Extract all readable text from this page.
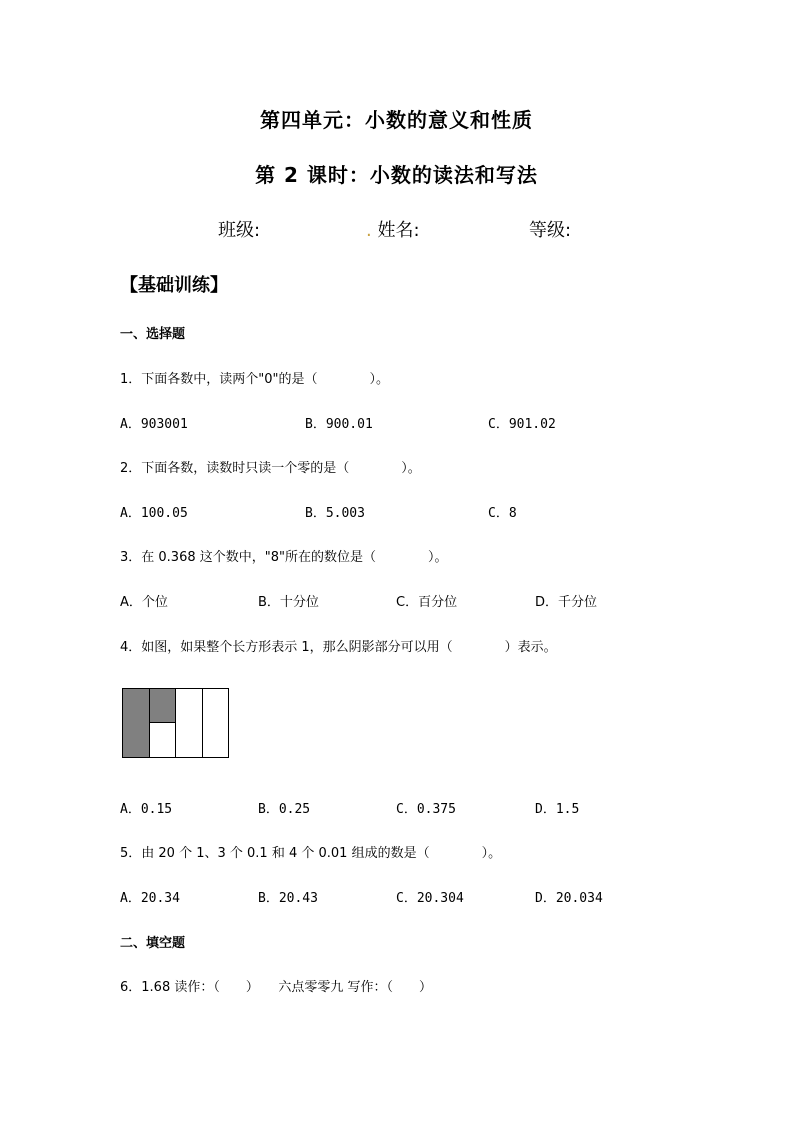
第四单元：小数的意义和性质
第 2 课时：小数的读法和写法
班级:	. 姓名:	等级:
【基础训练】
一、选择题
1．下面各数中，读两个"0"的是（　　　　）。
A．903001	B．900.01	C．901.02
2．下面各数，读数时只读一个零的是（　　　　）。
A．100.05	B．5.003	C．8
3．在 0.368 这个数中，"8"所在的数位是（　　　　）。
A．个位	B．十分位	C．百分位	D．千分位
4．如图，如果整个长方形表示 1，那么阴影部分可以用（　　　　）表示。
A．0.15	B．0.25	C．0.375	D．1.5
5．由 20 个 1、3 个 0.1 和 4 个 0.01 组成的数是（　　　　）。
A．20.34	B．20.43	C．20.304	D．20.034
二、填空题
6．1.68 读作：（　　）　　六点零零九 写作：（　　）
